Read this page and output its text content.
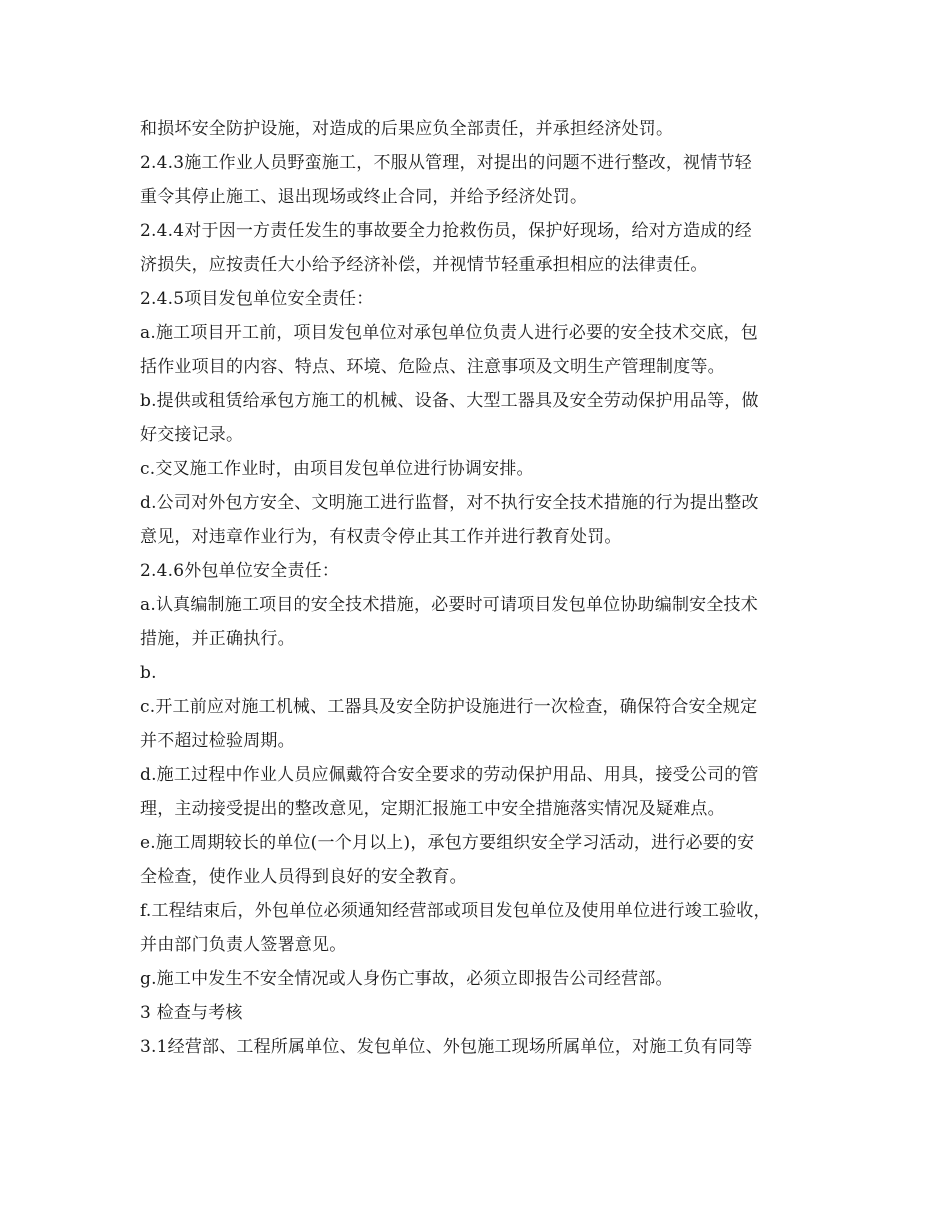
和损坏安全防护设施，对造成的后果应负全部责任，并承担经济处罚。
2.4.3施工作业人员野蛮施工，不服从管理，对提出的问题不进行整改，视情节轻
重令其停止施工、退出现场或终止合同，并给予经济处罚。
2.4.4对于因一方责任发生的事故要全力抢救伤员，保护好现场，给对方造成的经
济损失，应按责任大小给予经济补偿，并视情节轻重承担相应的法律责任。
2.4.5项目发包单位安全责任：
a.施工项目开工前，项目发包单位对承包单位负责人进行必要的安全技术交底，包
括作业项目的内容、特点、环境、危险点、注意事项及文明生产管理制度等。
b.提供或租赁给承包方施工的机械、设备、大型工器具及安全劳动保护用品等，做
好交接记录。
c.交叉施工作业时，由项目发包单位进行协调安排。
d.公司对外包方安全、文明施工进行监督，对不执行安全技术措施的行为提出整改
意见，对违章作业行为，有权责令停止其工作并进行教育处罚。
2.4.6外包单位安全责任：
a.认真编制施工项目的安全技术措施，必要时可请项目发包单位协助编制安全技术
措施，并正确执行。
b.
c.开工前应对施工机械、工器具及安全防护设施进行一次检查，确保符合安全规定
并不超过检验周期。
d.施工过程中作业人员应佩戴符合安全要求的劳动保护用品、用具，接受公司的管
理，主动接受提出的整改意见，定期汇报施工中安全措施落实情况及疑难点。
e.施工周期较长的单位(一个月以上)，承包方要组织安全学习活动，进行必要的安
全检查，使作业人员得到良好的安全教育。
f.工程结束后，外包单位必须通知经营部或项目发包单位及使用单位进行竣工验收，
并由部门负责人签署意见。
g.施工中发生不安全情况或人身伤亡事故，必须立即报告公司经营部。
3 检查与考核
3.1经营部、工程所属单位、发包单位、外包施工现场所属单位，对施工负有同等
